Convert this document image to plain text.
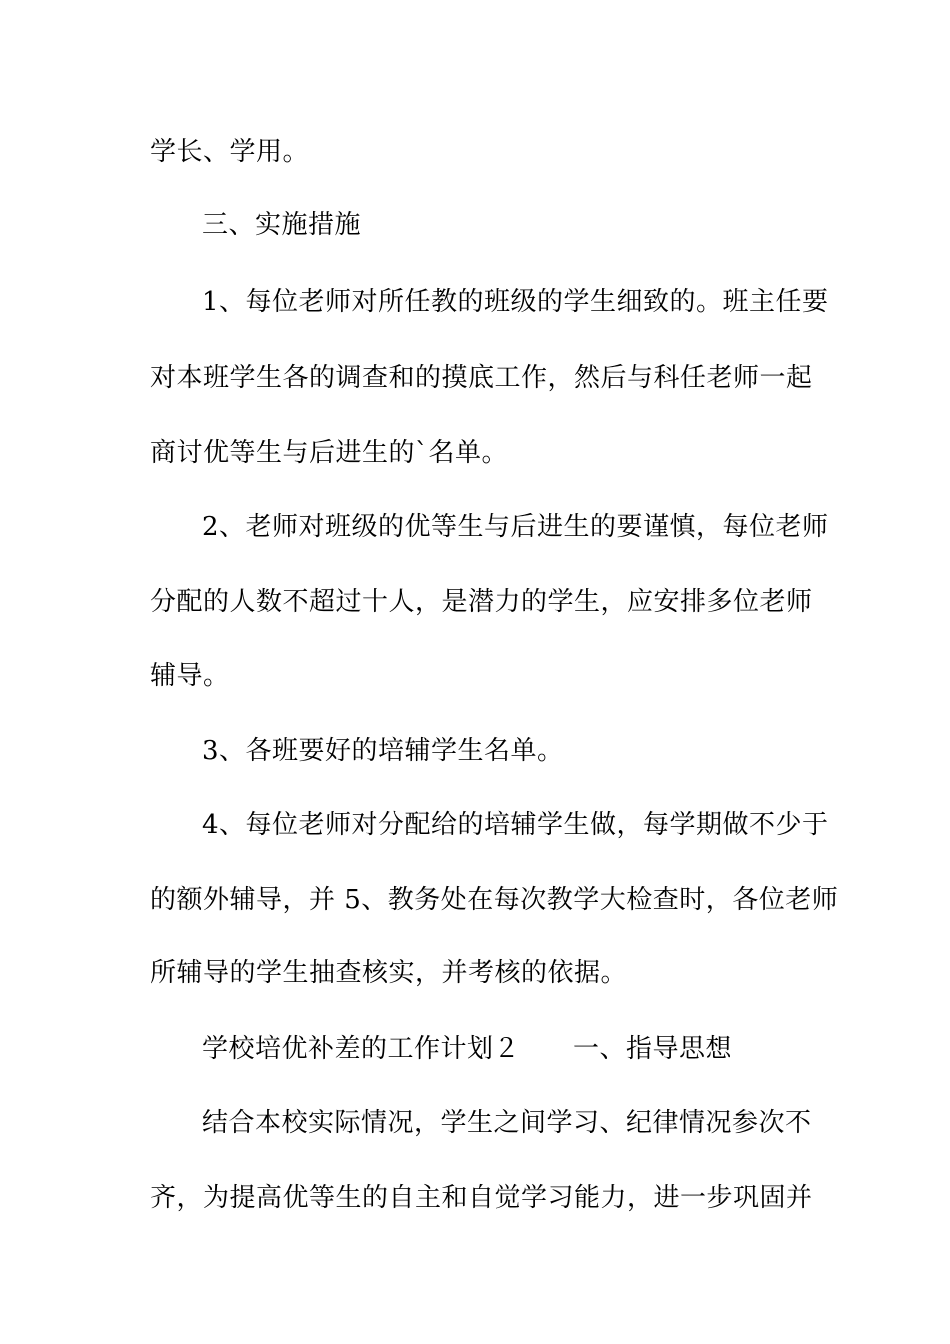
学长、学用。
三、实施措施
1、每位老师对所任教的班级的学生细致的。班主任要
对本班学生各的调查和的摸底工作，然后与科任老师一起
商讨优等生与后进生的`名单。
2、老师对班级的优等生与后进生的要谨慎，每位老师
分配的人数不超过十人，是潜力的学生，应安排多位老师
辅导。
3、各班要好的培辅学生名单。
4、每位老师对分配给的培辅学生做，每学期做不少于
的额外辅导，并 5、教务处在每次教学大检查时，各位老师
所辅导的学生抽查核实，并考核的依据。
学校培优补差的工作计划２　　一、指导思想
结合本校实际情况，学生之间学习、纪律情况参次不
齐，为提高优等生的自主和自觉学习能力，进一步巩固并
